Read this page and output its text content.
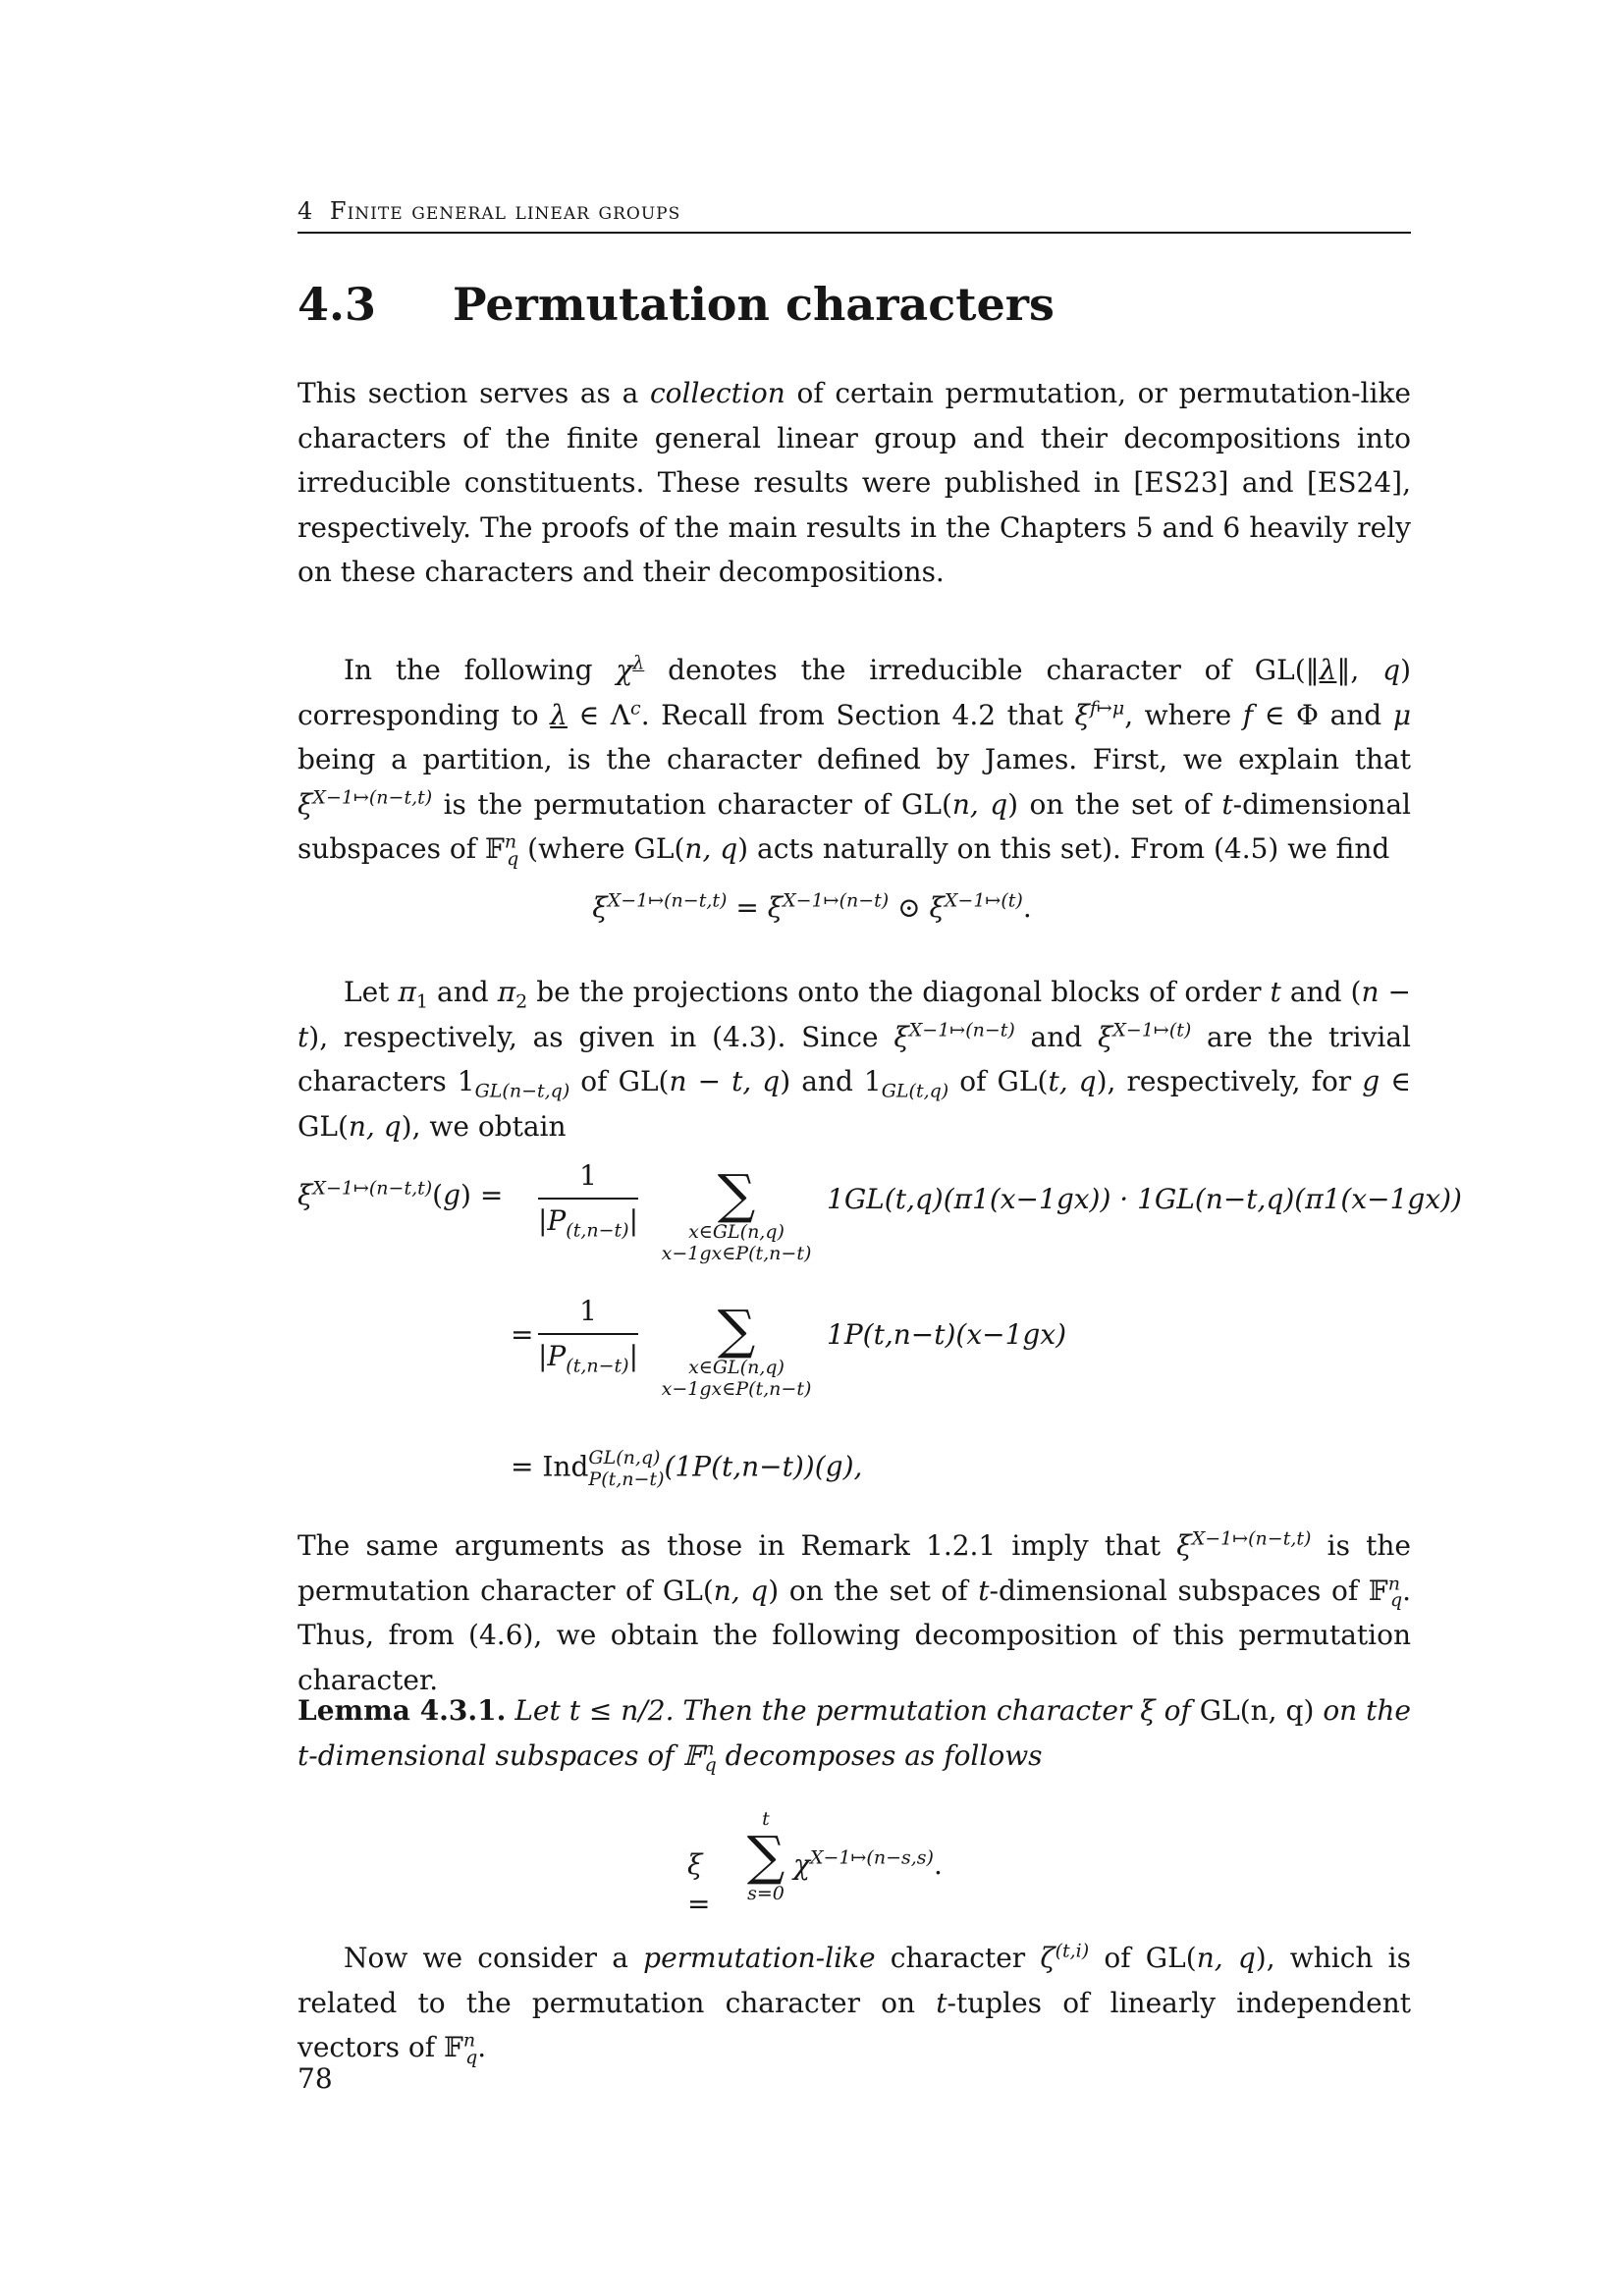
4 Finite general linear groups
4.3 Permutation characters
This section serves as a collection of certain permutation, or permutation-like characters of the finite general linear group and their decompositions into irreducible constituents. These results were published in [ES23] and [ES24], respectively. The proofs of the main results in the Chapters 5 and 6 heavily rely on these characters and their decompositions.
In the following $\chi^\lambda$ denotes the irreducible character of GL(‖λ‖, q) corresponding to λ ∈ $\Lambda^c$. Recall from Section 4.2 that $\xi^{f↦\mu}$, where f ∈ Φ and μ being a partition, is the character defined by James. First, we explain that $\xi^{X-1↦(n-t,t)}$ is the permutation character of GL(n, q) on the set of t-dimensional subspaces of 𝔽$^n_q$ (where GL(n, q) acts naturally on this set). From (4.5) we find
$\xi^{X-1↦(n-t,t)} = \xi^{X-1↦(n-t)}$ ⊙ $\xi^{X-1↦(t)}$.
Let $\pi_1$ and $\pi_2$ be the projections onto the diagonal blocks of order t and (n − t), respectively, as given in (4.3). Since $\xi^{X-1↦(n-t)}$ and $\xi^{X-1↦(t)}$ are the trivial characters $1_{GL(n-t,q)}$ of GL(n − t, q) and $1_{GL(t,q)}$ of GL(t, q), respectively, for g ∈ GL(n, q), we obtain
$\xi^{X-1↦(n-t,t)}(g) = \frac{1}{|P_{(t,n-t)}|}$	∑
x∈GL(n,q)
x−1gx∈P(t,n−t)
1GL(t,q)(π1(x−1gx)) · 1GL(n−t,q)(π1(x−1gx))
= $\frac{1}{|P_{(t,n-t)}|}$	∑
x∈GL(n,q)
x−1gx∈P(t,n−t)
1P(t,n−t)(x−1gx)
= Ind GL(n,q)
P(t,n−t) (1P(t,n−t))(g),
The same arguments as those in Remark 1.2.1 imply that $\xi^{X-1↦(n-t,t)}$ is the permutation character of GL(n, q) on the set of t-dimensional subspaces of 𝔽$^n_q$. Thus, from (4.6), we obtain the following decomposition of this permutation character.
Lemma 4.3.1. Let t ≤ n/2. Then the permutation character ξ of GL(n, q) on the t-dimensional subspaces of 𝔽$^n_q$ decomposes as follows
ξ =
t
∑
s=0
$\chi^{X-1↦(n-s,s)}$.
Now we consider a permutation-like character $\zeta^{(t,i)}$ of GL(n, q), which is related to the permutation character on t-tuples of linearly independent vectors of 𝔽$^n_q$.
78
